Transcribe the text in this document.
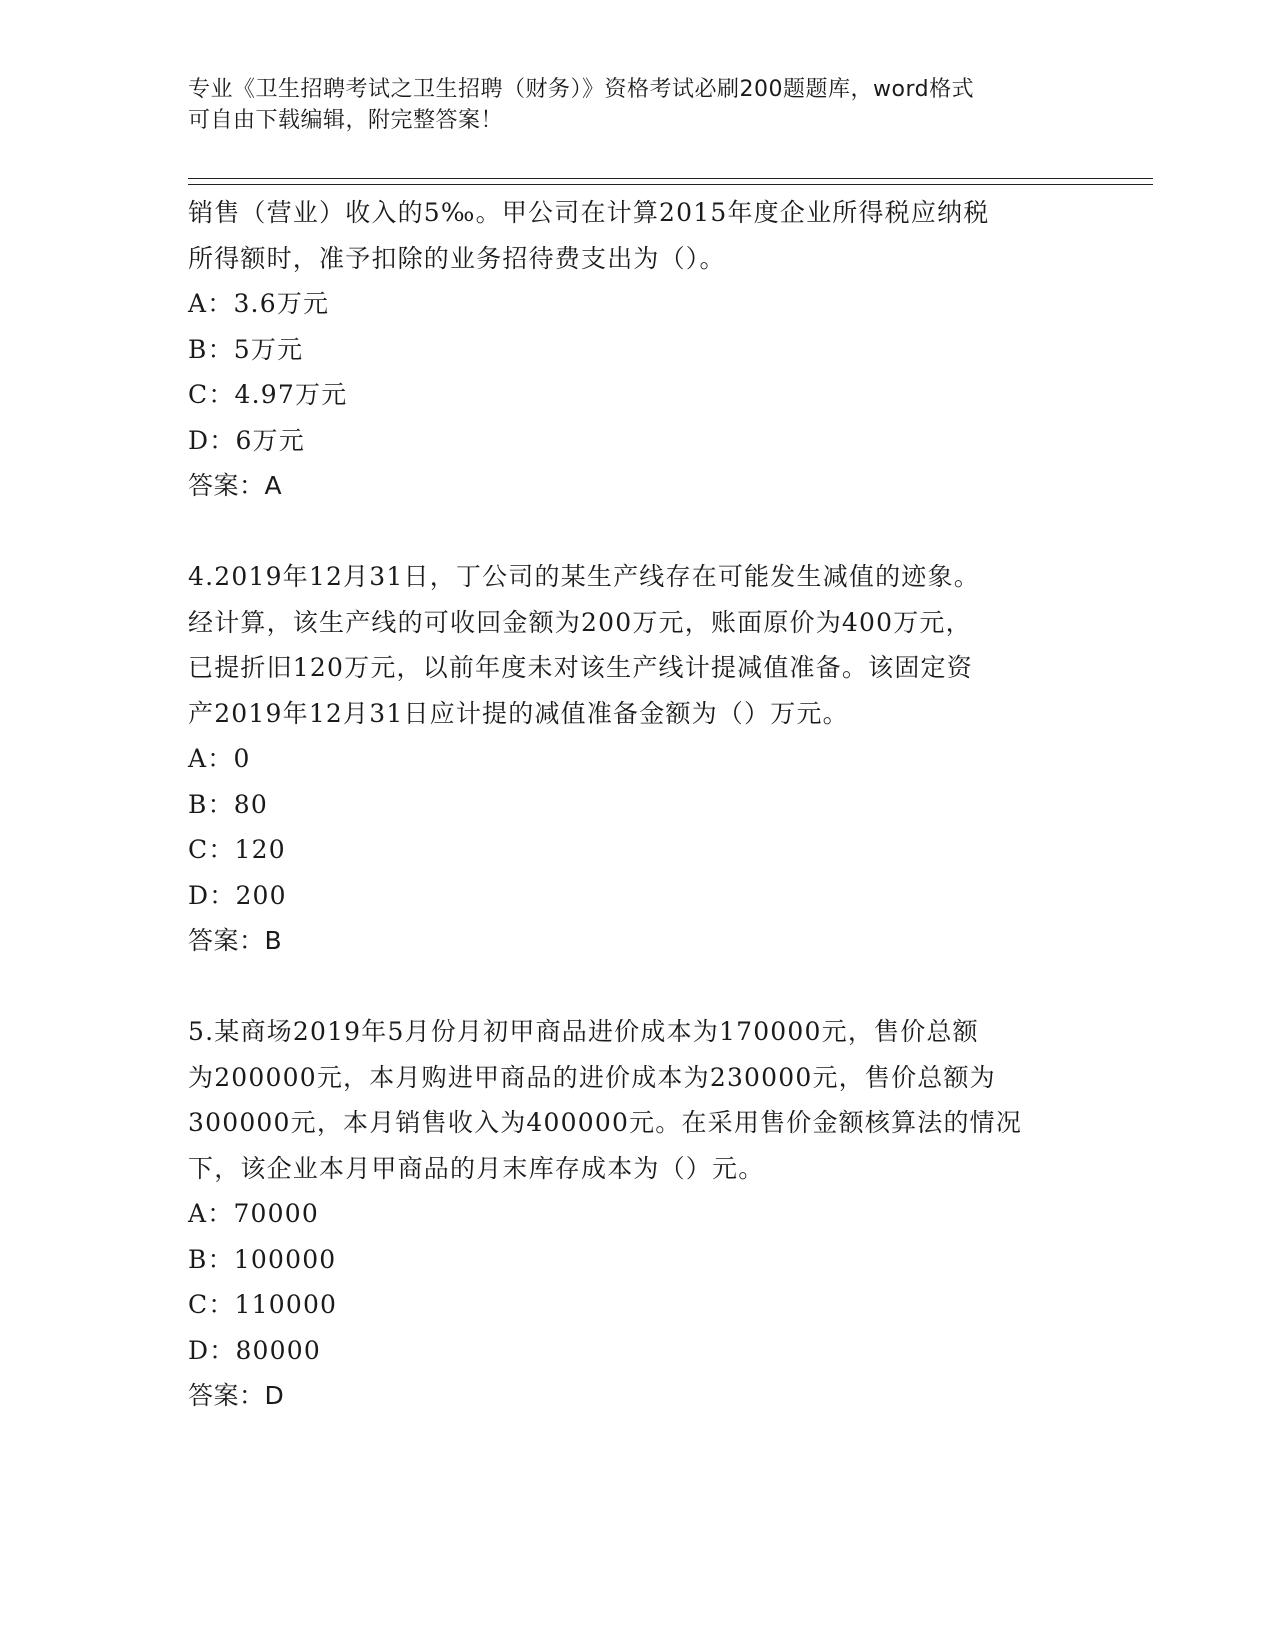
专业《卫生招聘考试之卫生招聘（财务）》资格考试必刷200题题库，word格式
可自由下载编辑，附完整答案！
销售（营业）收入的5‰。甲公司在计算2015年度企业所得税应纳税
所得额时，准予扣除的业务招待费支出为（）。
A：3.6万元
B：5万元
C：4.97万元
D：6万元
答案：A
4.2019年12月31日，丁公司的某生产线存在可能发生减值的迹象。
经计算，该生产线的可收回金额为200万元，账面原价为400万元，
已提折旧120万元，以前年度未对该生产线计提减值准备。该固定资
产2019年12月31日应计提的减值准备金额为（）万元。
A：0
B：80
C：120
D：200
答案：B
5.某商场2019年5月份月初甲商品进价成本为170000元，售价总额
为200000元，本月购进甲商品的进价成本为230000元，售价总额为
300000元，本月销售收入为400000元。在采用售价金额核算法的情况
下，该企业本月甲商品的月末库存成本为（）元。
A：70000
B：100000
C：110000
D：80000
答案：D
